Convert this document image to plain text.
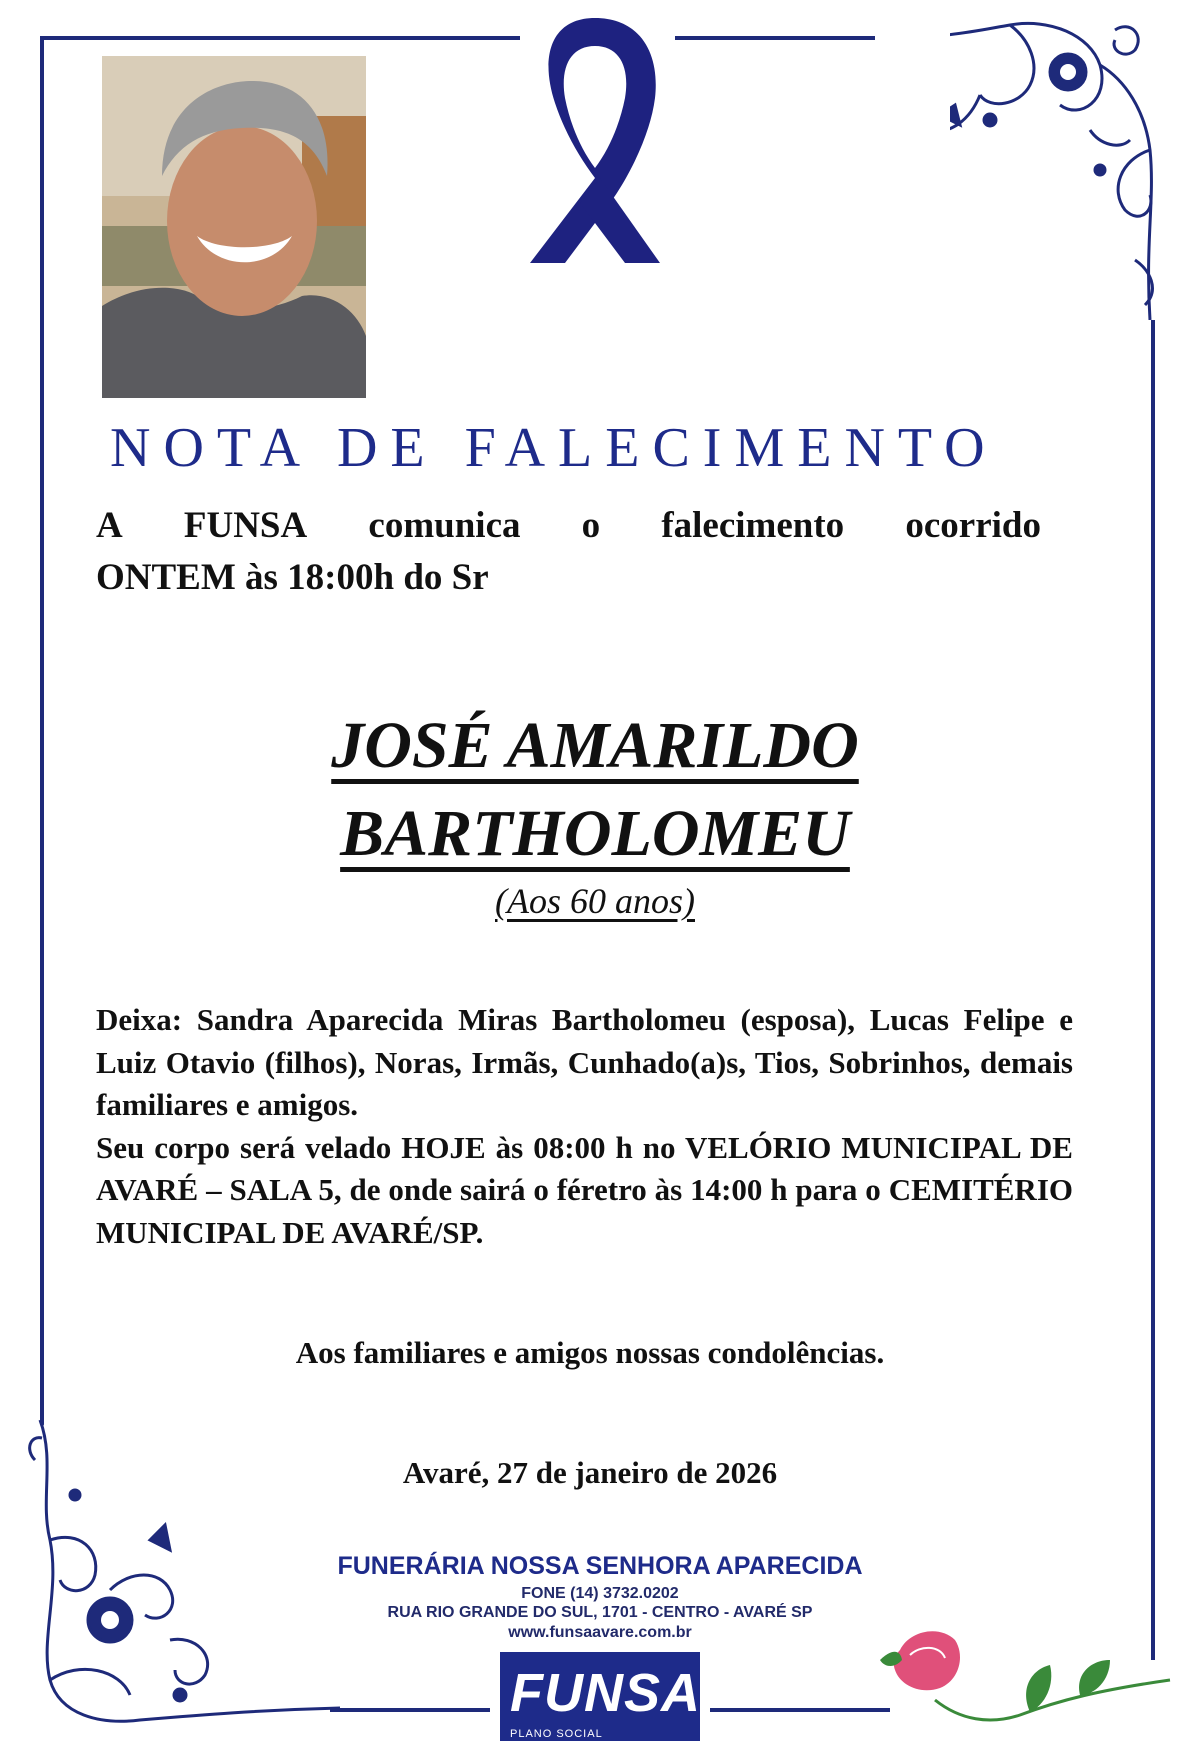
NOTA DE FALECIMENTO
A FUNSA comunica o falecimento ocorrido
ONTEM às 18:00h do Sr
JOSÉ AMARILDO
BARTHOLOMEU
(Aos 60 anos)

Deixa: Sandra Aparecida Miras Bartholomeu (esposa), Lucas Felipe e Luiz Otavio (filhos), Noras, Irmãs, Cunhado(a)s, Tios, Sobrinhos, demais familiares e amigos.

Seu corpo será velado HOJE às 08:00 h no VELÓRIO MUNICIPAL DE AVARÉ – SALA 5, de onde sairá o féretro às 14:00 h para o CEMITÉRIO MUNICIPAL DE AVARÉ/SP.

Aos familiares e amigos nossas condolências.
Avaré, 27 de janeiro de 2026
FUNERÁRIA NOSSA SENHORA APARECIDA
FONE (14) 3732.0202
RUA RIO GRANDE DO SUL, 1701 - CENTRO - AVARÉ SP
www.funsaavare.com.br
FUNSA
PLANO SOCIAL
